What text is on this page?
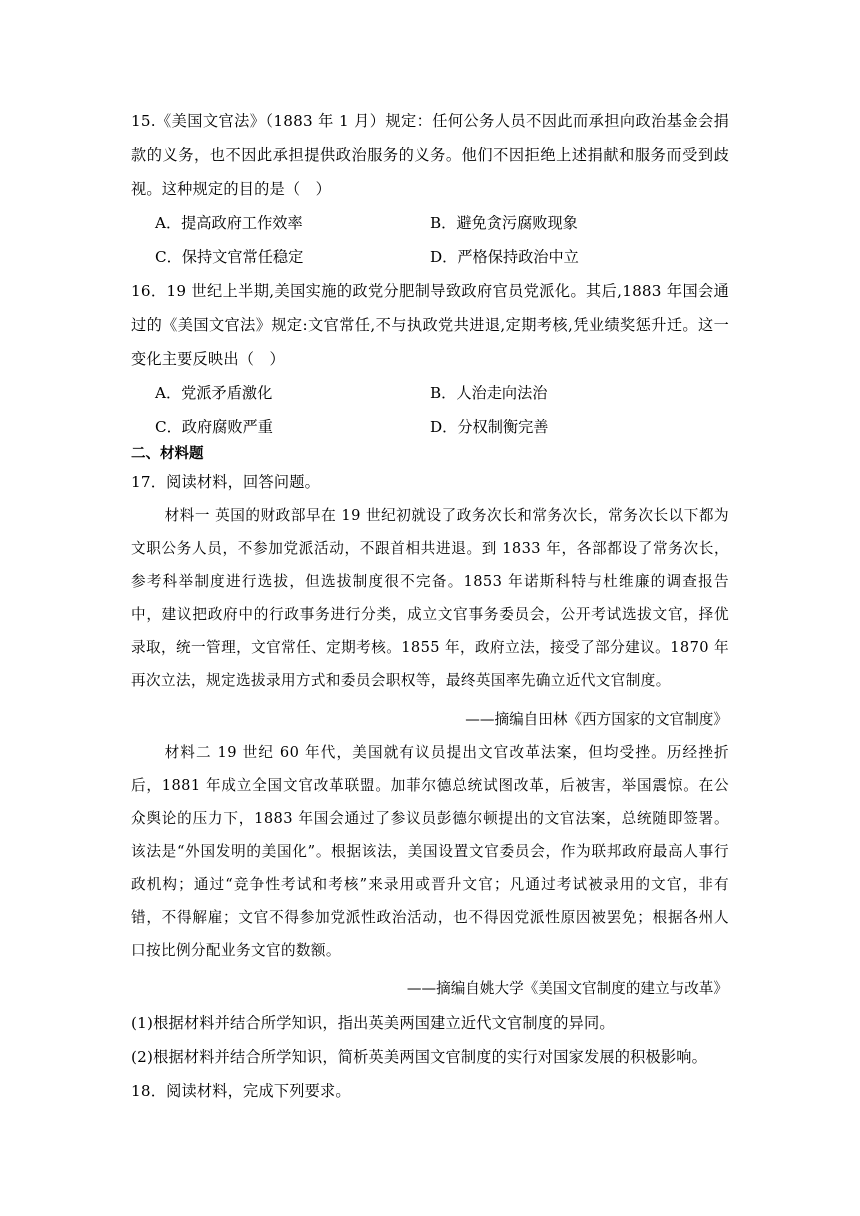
15.《美国文官法》（1883 年 1 月）规定：任何公务人员不因此而承担向政治基金会捐款的义务，也不因此承担提供政治服务的义务。他们不因拒绝上述捐献和服务而受到歧视。这种规定的目的是（　）

A．提高政府工作效率	B．避免贪污腐败现象
C．保持文官常任稳定	D．严格保持政治中立

16．19 世纪上半期,美国实施的政党分肥制导致政府官员党派化。其后,1883 年国会通过的《美国文官法》规定:文官常任,不与执政党共进退,定期考核,凭业绩奖惩升迁。这一变化主要反映出（　）

A．党派矛盾激化	B．人治走向法治
C．政府腐败严重	D．分权制衡完善
二、材料题

17．阅读材料，回答问题。

材料一 英国的财政部早在 19 世纪初就设了政务次长和常务次长，常务次长以下都为文职公务人员，不参加党派活动，不跟首相共进退。到 1833 年，各部都设了常务次长，参考科举制度进行选拔，但选拔制度很不完备。1853 年诺斯科特与杜维廉的调查报告中，建议把政府中的行政事务进行分类，成立文官事务委员会，公开考试选拔文官，择优录取，统一管理，文官常任、定期考核。1855 年，政府立法，接受了部分建议。1870 年再次立法，规定选拔录用方式和委员会职权等，最终英国率先确立近代文官制度。

——摘编自田林《西方国家的文官制度》

材料二 19 世纪 60 年代，美国就有议员提出文官改革法案，但均受挫。历经挫折后，1881 年成立全国文官改革联盟。加菲尔德总统试图改革，后被害，举国震惊。在公众舆论的压力下，1883 年国会通过了参议员彭德尔顿提出的文官法案，总统随即签署。该法是“外国发明的美国化”。根据该法，美国设置文官委员会，作为联邦政府最高人事行政机构；通过“竞争性考试和考核”来录用或晋升文官；凡通过考试被录用的文官，非有错，不得解雇；文官不得参加党派性政治活动，也不得因党派性原因被罢免；根据各州人口按比例分配业务文官的数额。

——摘编自姚大学《美国文官制度的建立与改革》

(1)根据材料并结合所学知识，指出英美两国建立近代文官制度的异同。

(2)根据材料并结合所学知识，简析英美两国文官制度的实行对国家发展的积极影响。

18．阅读材料，完成下列要求。
